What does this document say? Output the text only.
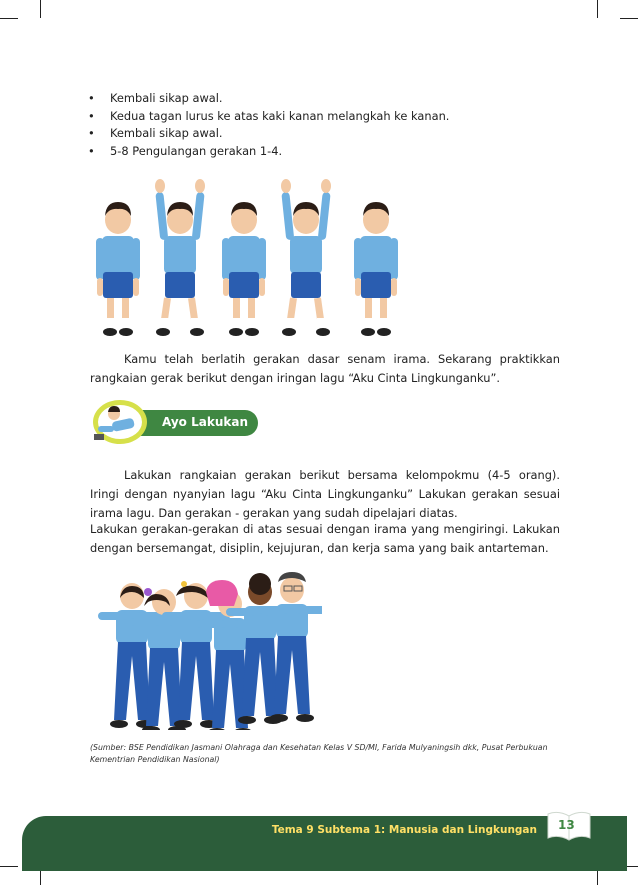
• Kembali sikap awal.
• Kedua tagan lurus ke atas kaki kanan melangkah ke kanan.
• Kembali sikap awal.
• 5-8 Pengulangan gerakan 1-4.

Kamu telah berlatih gerakan dasar senam irama. Sekarang praktikkan rangkaian gerak berikut dengan iringan lagu “Aku Cinta Lingkunganku”.

Ayo Lakukan

Lakukan rangkaian gerakan berikut bersama kelompokmu (4-5 orang). Iringi dengan nyanyian lagu “Aku Cinta Lingkunganku” Lakukan gerakan sesuai irama lagu. Dan gerakan - gerakan yang sudah dipelajari diatas.

Lakukan gerakan-gerakan di atas sesuai dengan irama yang mengiringi. Lakukan dengan bersemangat, disiplin, kejujuran, dan kerja sama yang baik antarteman.

(Sumber: BSE Pendidikan Jasmani Olahraga dan Kesehatan Kelas V SD/MI, Farida Mulyaningsih dkk, Pusat Perbukuan Kementrian Pendidikan Nasional)

Tema 9 Subtema 1: Manusia dan Lingkungan 13
